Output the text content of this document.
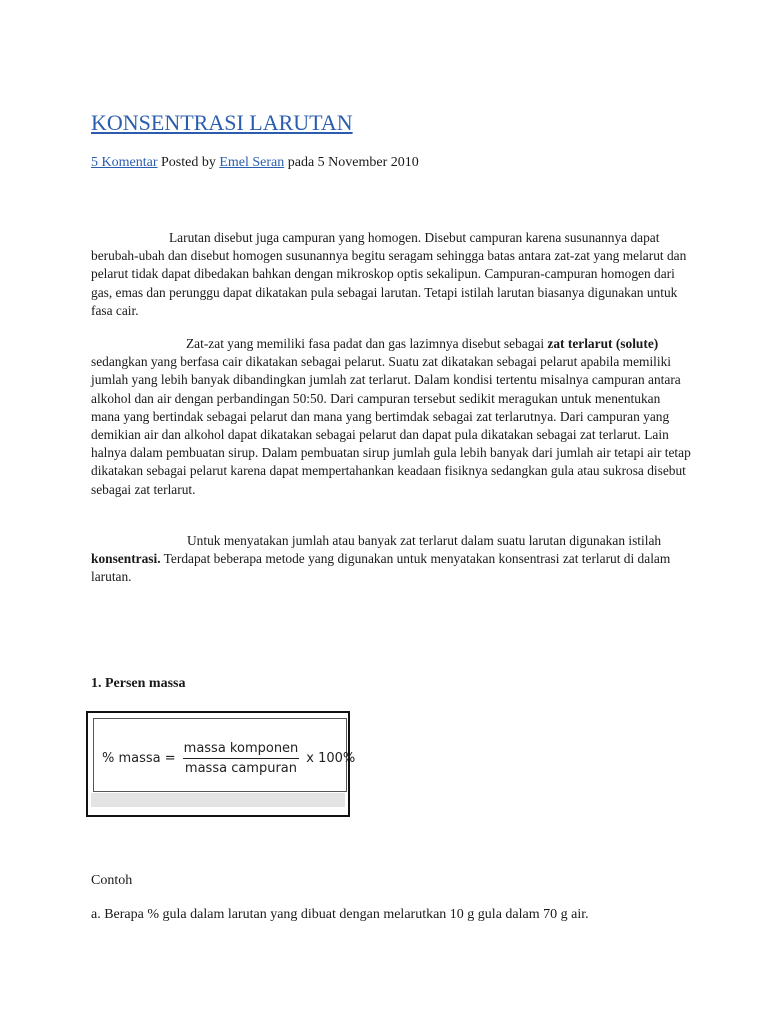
KONSENTRASI LARUTAN
5 Komentar Posted by Emel Seran pada 5 November 2010

Larutan disebut juga campuran yang homogen. Disebut campuran karena susunannya dapat berubah-ubah dan disebut homogen susunannya begitu seragam sehingga batas antara zat-zat yang melarut dan pelarut tidak dapat dibedakan bahkan dengan mikroskop optis sekalipun. Campuran-campuran homogen dari gas, emas dan perunggu dapat dikatakan pula sebagai larutan. Tetapi istilah larutan biasanya digunakan untuk fasa cair.

Zat-zat yang memiliki fasa padat dan gas lazimnya disebut sebagai zat terlarut (solute) sedangkan yang berfasa cair dikatakan sebagai pelarut. Suatu zat dikatakan sebagai pelarut apabila memiliki jumlah yang lebih banyak dibandingkan jumlah zat terlarut. Dalam kondisi tertentu misalnya campuran antara alkohol dan air dengan perbandingan 50:50. Dari campuran tersebut sedikit meragukan untuk menentukan mana yang bertindak sebagai pelarut dan mana yang bertimdak sebagai zat terlarutnya. Dari campuran yang demikian air dan alkohol dapat dikatakan sebagai pelarut dan dapat pula dikatakan sebagai zat terlarut. Lain halnya dalam pembuatan sirup. Dalam pembuatan sirup jumlah gula lebih banyak dari jumlah air tetapi air tetap dikatakan sebagai pelarut karena dapat mempertahankan keadaan fisiknya sedangkan gula atau sukrosa disebut sebagai zat terlarut.

Untuk menyatakan jumlah atau banyak zat terlarut dalam suatu larutan digunakan istilah konsentrasi. Terdapat beberapa metode yang digunakan untuk menyatakan konsentrasi zat terlarut di dalam larutan.

1. Persen massa
% massa = $\frac{\text{massa komponen}}{\text{massa campuran}}$ x 100%
Contoh
a. Berapa % gula dalam larutan yang dibuat dengan melarutkan 10 g gula dalam 70 g air.
